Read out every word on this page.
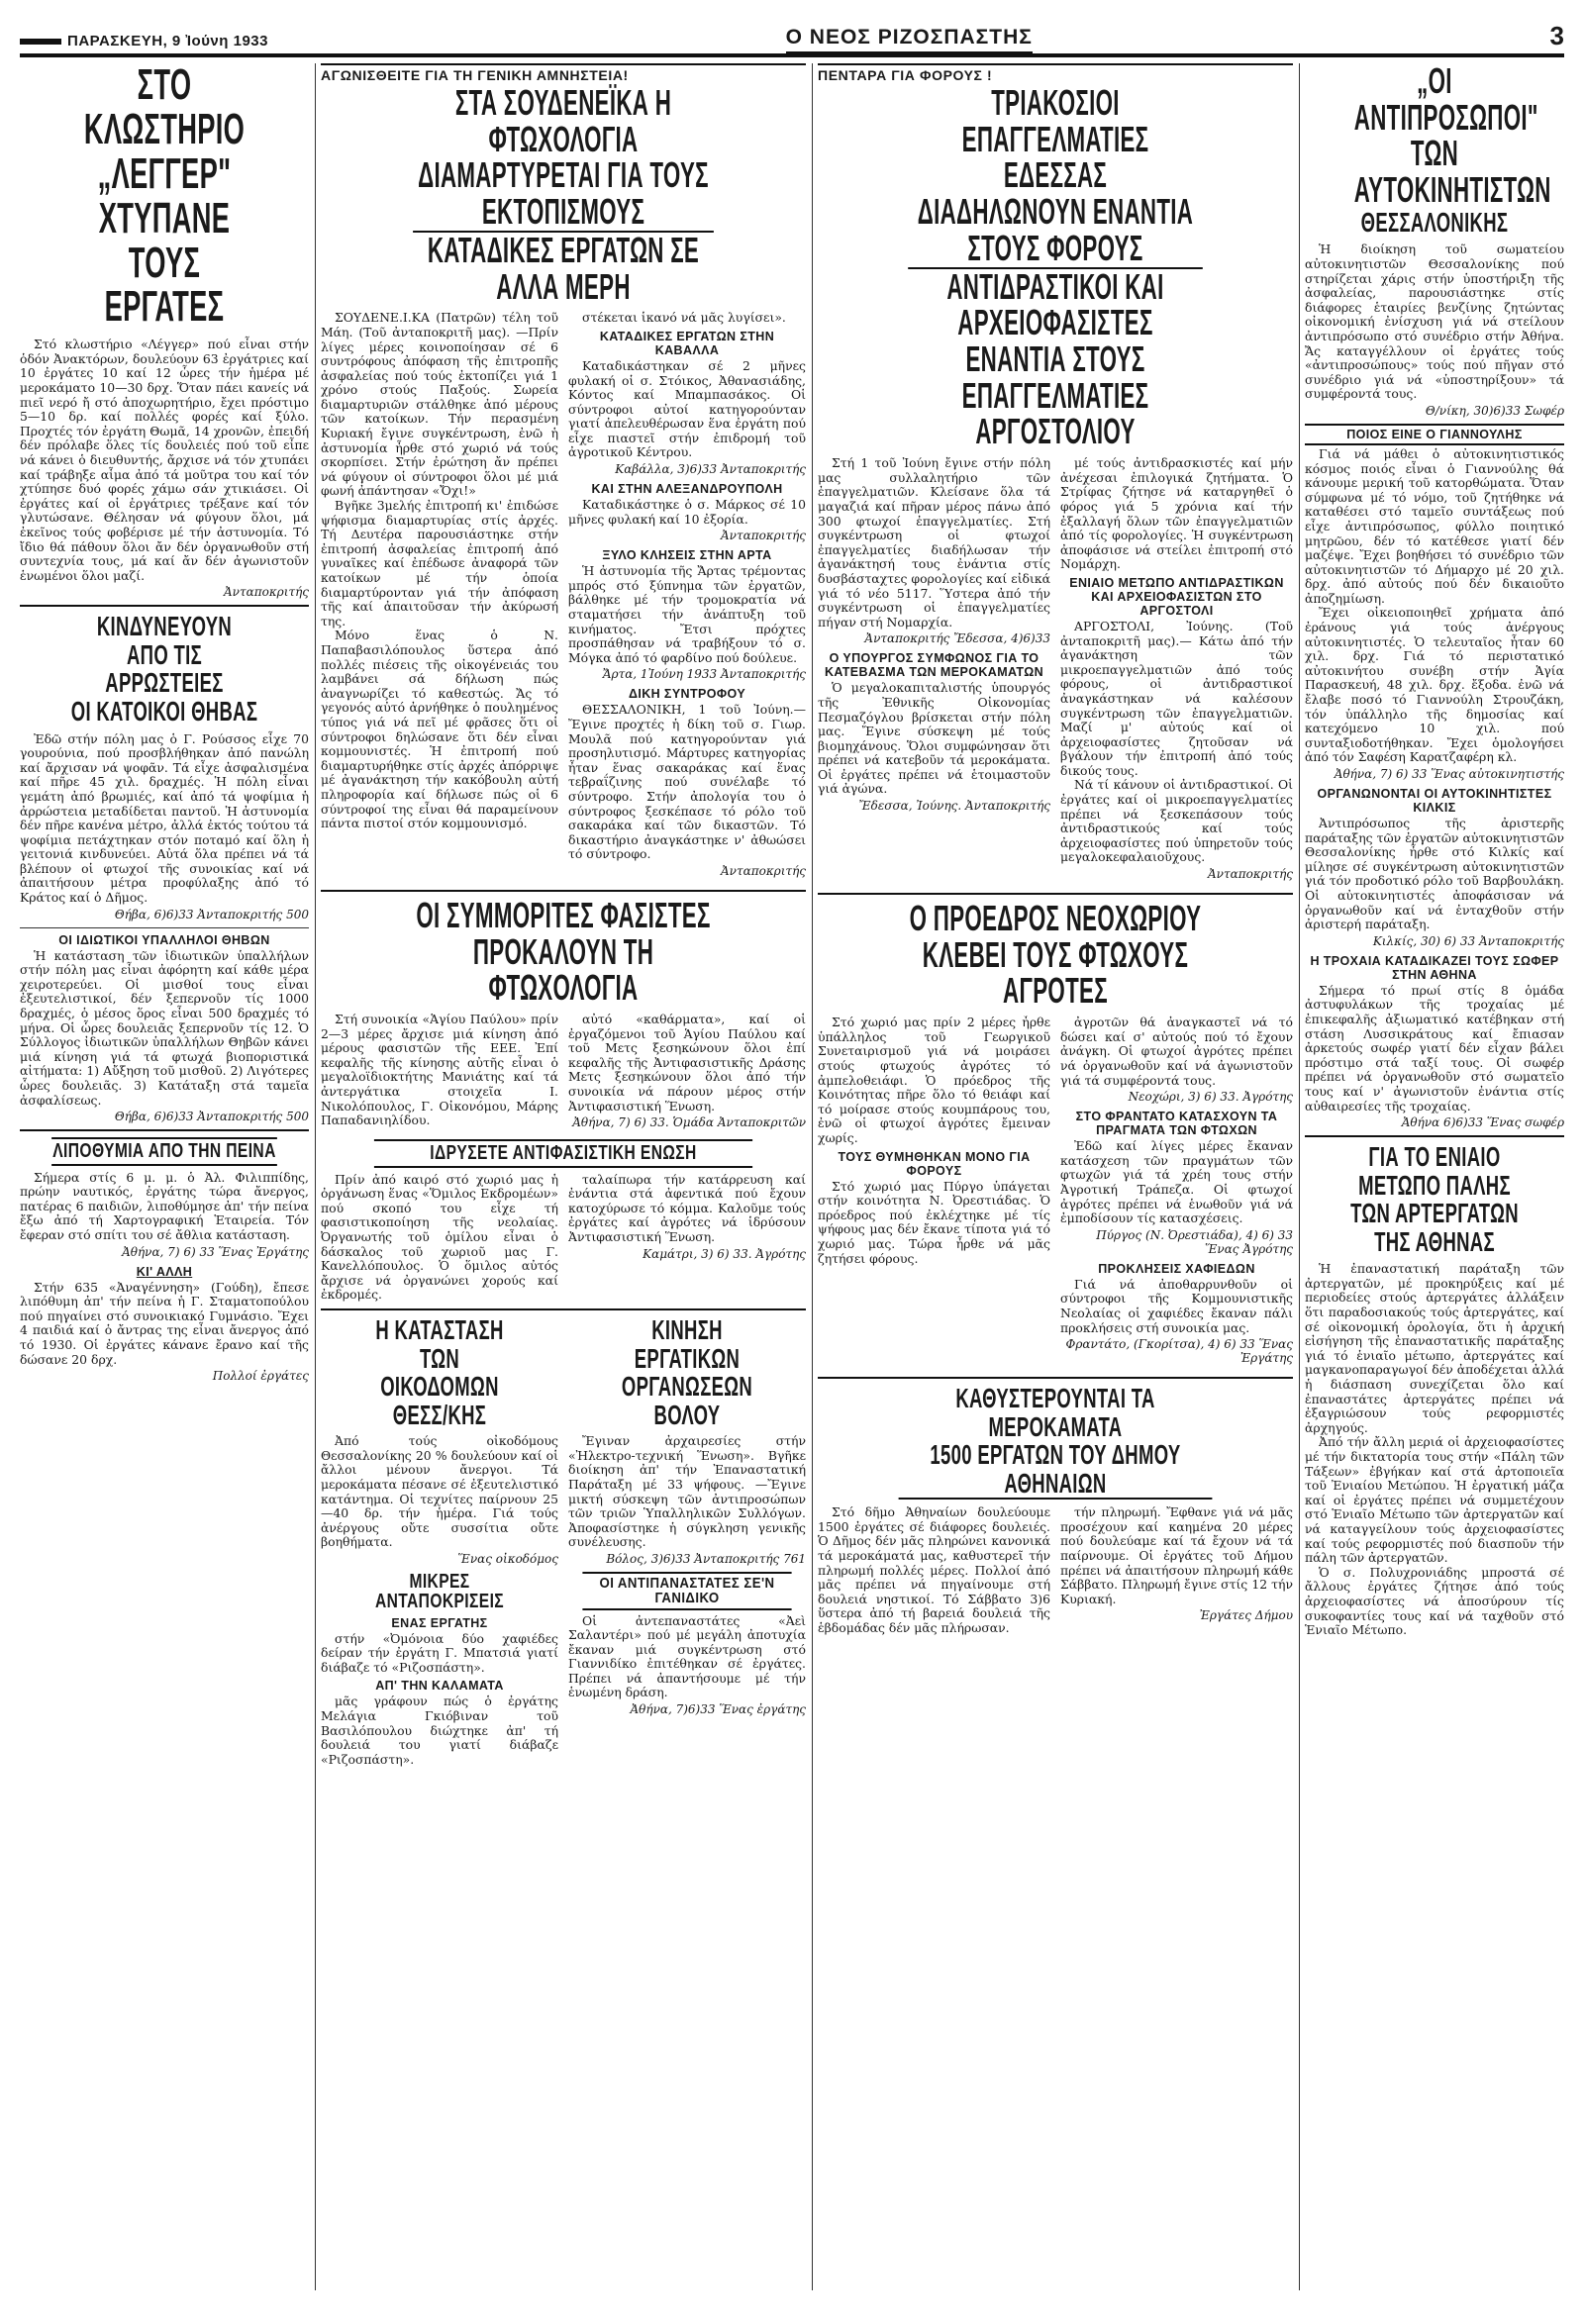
ΠΑΡΑΣΚΕΥΗ, 9 Ἰούνη 1933	Ο ΝΕΟΣ ΡΙΖΟΣΠΑΣΤΗΣ	3
ΣΤΟ ΚΛΩΣΤΗΡΙΟ
„ΛΕΓΓΕΡ" ΧΤΥΠΑΝΕ
ΤΟΥΣ ΕΡΓΑΤΕΣ

Στό κλωστήριο «Λέγγερ» πού εἶναι στήν ὁδόν Ἀνακτόρων, δουλεύουν 63 ἐργάτριες καί 10 ἐργάτες 10 καί 12 ὧρες τήν ἡμέρα μέ μεροκάματο 10—30 δρχ. Ὅταν πάει κανείς νά πιεῖ νερό ἤ στό ἀποχωρητήριο, ἔχει πρόστιμο 5—10 δρ. καί πολλές φορές καί ξύλο. Προχτές τόν ἐργάτη Θωμᾶ, 14 χρονῶν, ἐπειδή δέν πρόλαβε ὅλες τίς δουλειές πού τοῦ εἶπε νά κάνει ὁ διευθυντής, ἄρχισε νά τόν χτυπάει καί τράβηξε αἷμα ἀπό τά μοῦτρα του καί τόν χτύπησε δυό φορές χάμω σάν χτικιάσει. Οἱ ἐργάτες καί οἱ ἐργάτριες τρέξανε καί τόν γλυτώσανε. Θέλησαν νά φύγουν ὅλοι, μά ἐκεῖνος τούς φοβέρισε μέ τήν ἀστυνομία. Τό ἴδιο θά πάθουν ὅλοι ἄν δέν ὀργανωθοῦν στή συντεχνία τους, μά καί ἄν δέν ἀγωνιστοῦν ἑνωμένοι ὅλοι μαζί.

Ἀνταποκριτής
ΚΙΝΔΥΝΕΥΟΥΝ
ΑΠΟ ΤΙΣ ΑΡΡΩΣΤΕΙΕΣ
ΟΙ ΚΑΤΟΙΚΟΙ ΘΗΒΑΣ

Ἐδῶ στήν πόλη μας ὁ Γ. Ρούσσος εἶχε 70 γουρούνια, πού προσβλήθηκαν ἀπό πανώλη καί ἄρχισαν νά ψοφᾶν. Τά εἶχε ἀσφαλισμένα καί πῆρε 45 χιλ. δραχμές. Ἡ πόλη εἶναι γεμάτη ἀπό βρωμιές, καί ἀπό τά ψοφίμια ἡ ἀρρώστεια μεταδίδεται παντοῦ. Ἡ ἀστυνομία δέν πῆρε κανένα μέτρο, ἀλλά ἐκτός τούτου τά ψοφίμια πετάχτηκαν στόν ποταμό καί ὅλη ἡ γειτονιά κινδυνεύει. Αὐτά ὅλα πρέπει νά τά βλέπουν οἱ φτωχοί τῆς συνοικίας καί νά ἀπαιτήσουν μέτρα προφύλαξης ἀπό τό Κράτος καί ὁ Δῆμος.

Θήβα, 6)6)33 Ἀνταποκριτής 500
ΟΙ ΙΔΙΩΤΙΚΟΙ ΥΠΑΛΛΗΛΟΙ ΘΗΒΩΝ

Ἡ κατάσταση τῶν ἰδιωτικῶν ὑπαλλήλων στήν πόλη μας εἶναι ἀφόρητη καί κάθε μέρα χειροτερεύει. Οἱ μισθοί τους εἶναι ἐξευτελιστικοί, δέν ξεπερνοῦν τίς 1000 δραχμές, ὁ μέσος ὅρος εἶναι 500 δραχμές τό μήνα. Οἱ ὧρες δουλειᾶς ξεπερνοῦν τίς 12. Ὁ Σύλλογος ἰδιωτικῶν ὑπαλλήλων Θηβῶν κάνει μιά κίνηση γιά τά φτωχά βιοποριστικά αἰτήματα: 1) Αὔξηση τοῦ μισθοῦ. 2) Λιγότερες ὧρες δουλειᾶς. 3) Κατάταξη στά ταμεῖα ἀσφαλίσεως.

Θήβα, 6)6)33 Ἀνταποκριτής 500
ΛΙΠΟΘΥΜΙΑ ΑΠΟ ΤΗΝ ΠΕΙΝΑ

Σήμερα στίς 6 μ. μ. ὁ Ἀλ. Φιλιππίδης, πρώην ναυτικός, ἐργάτης τώρα ἄνεργος, πατέρας 6 παιδιῶν, λιποθύμησε ἀπ' τήν πείνα ἔξω ἀπό τή Χαρτογραφική Ἑταιρεία. Τόν ἔφεραν στό σπίτι του σέ ἄθλια κατάσταση.

Ἀθήνα, 7) 6) 33 Ἕνας Ἐργάτης
ΚΙ' ΑΛΛΗ

Στήν 635 «Ἀναγέννηση» (Γούδη), ἔπεσε λιπόθυμη ἀπ' τήν πείνα ἡ Γ. Σταματοπούλου πού πηγαίνει στό συνοικιακό Γυμνάσιο. Ἔχει 4 παιδιά καί ὁ ἄντρας της εἶναι ἄνεργος ἀπό τό 1930. Οἱ ἐργάτες κάνανε ἔρανο καί τῆς δώσανε 20 δρχ.

Πολλοί ἐργάτες
ΑΓΩΝΙΣΘΕΙΤΕ ΓΙΑ ΤΗ ΓΕΝΙΚΗ ΑΜΝΗΣΤΕΙΑ!
ΣΤΑ ΣΟΥΔΕΝΕΪΚΑ Η ΦΤΩΧΟΛΟΓΙΑ
ΔΙΑΜΑΡΤΥΡΕΤΑΙ ΓΙΑ ΤΟΥΣ ΕΚΤΟΠΙΣΜΟΥΣ
ΚΑΤΑΔΙΚΕΣ ΕΡΓΑΤΩΝ ΣΕ ΑΛΛΑ ΜΕΡΗ

ΣΟΥΔΕΝΕ.Ι.ΚΑ (Πατρῶν) τέλη τοῦ Μάη. (Τοῦ ἀνταποκριτῆ μας). —Πρίν λίγες μέρες κοινοποίησαν σέ 6 συντρόφους ἀπόφαση τῆς ἐπιτροπῆς ἀσφαλείας πού τούς ἐκτοπίζει γιά 1 χρόνο στούς Παξούς. Σωρεία διαμαρτυριῶν στάλθηκε ἀπό μέρους τῶν κατοίκων. Τήν περασμένη Κυριακή ἔγινε συγκέντρωση, ἐνῶ ἡ ἀστυνομία ἦρθε στό χωριό νά τούς σκορπίσει. Στήν ἐρώτηση ἄν πρέπει νά φύγουν οἱ σύντροφοι ὅλοι μέ μιά φωνή ἀπάντησαν «Ὄχι!»

Βγῆκε 3μελής ἐπιτροπή κι' ἐπιδώσε ψήφισμα διαμαρτυρίας στίς ἀρχές. Τή Δευτέρα παρουσιάστηκε στήν ἐπιτροπή ἀσφαλείας ἐπιτροπή ἀπό γυναῖκες καί ἐπέδωσε ἀναφορά τῶν κατοίκων μέ τήν ὁποία διαμαρτύρονταν γιά τήν ἀπόφαση τῆς καί ἀπαιτοῦσαν τήν ἀκύρωσή της.

Μόνο ἕνας ὁ Ν. Παπαβασιλόπουλος ὕστερα ἀπό πολλές πιέσεις τῆς οἰκογένειάς του λαμβάνει σά δήλωση πώς ἀναγνωρίζει τό καθεστώς. Ἄς τό γεγονός αὐτό ἀρνήθηκε ὁ πουλημένος τύπος γιά νά πεῖ μέ φρᾶσες ὅτι οἱ σύντροφοι δηλώσανε ὅτι δέν εἶναι κομμουνιστές. Ἡ ἐπιτροπή πού διαμαρτυρήθηκε στίς ἀρχές ἀπόρριψε μέ ἀγανάκτηση τήν κακόβουλη αὐτή πληροφορία καί δήλωσε πώς οἱ 6 σύντροφοί της εἶναι θά παραμείνουν πάντα πιστοί στόν κομμουνισμό.

στέκεται ἱκανό νά μᾶς λυγίσει».

ΚΑΤΑΔΙΚΕΣ ΕΡΓΑΤΩΝ ΣΤΗΝ ΚΑΒΑΛΛΑ

Καταδικάστηκαν σέ 2 μῆνες φυλακή οἱ σ. Στόικος, Ἀθανασιάδης, Κόντος καί Μπαμπασάκος. Οἱ σύντροφοι αὐτοί κατηγορούνταν γιατί ἀπελευθέρωσαν ἕνα ἐργάτη πού εἶχε πιαστεῖ στήν ἐπιδρομή τοῦ ἀγροτικοῦ Κέντρου.

Καβάλλα, 3)6)33 Ἀνταποκριτής
ΚΑΙ ΣΤΗΝ ΑΛΕΞΑΝΔΡΟΥΠΟΛΗ

Καταδικάστηκε ὁ σ. Μάρκος σέ 10 μῆνες φυλακή καί 10 ἐξορία.

Ἀνταποκριτής
ΞΥΛΟ ΚΛΗΣΕΙΣ ΣΤΗΝ ΑΡΤΑ

Ἡ ἀστυνομία τῆς Ἄρτας τρέμοντας μπρός στό ξύπνημα τῶν ἐργατῶν, βάλθηκε μέ τήν τρομοκρατία νά σταματήσει τήν ἀνάπτυξη τοῦ κινήματος. Ἔτσι πρόχτες προσπάθησαν νά τραβήξουν τό σ. Μόγκα ἀπό τό φαρδίνο πού δούλευε.

Ἄρτα, 1Ἰούνη 1933 Ἀνταποκριτής
ΔΙΚΗ ΣΥΝΤΡΟΦΟΥ

ΘΕΣΣΑΛΟΝΙΚΗ, 1 τοῦ Ἰούνη.— Ἔγινε προχτές ἡ δίκη τοῦ σ. Γιωρ. Μουλᾶ πού κατηγορούνταν γιά προσηλυτισμό. Μάρτυρες κατηγορίας ἦταν ἕνας σακαράκας καί ἕνας τεβραΐζινης πού συνέλαβε τό σύντροφο. Στήν ἀπολογία του ὁ σύντροφος ξεσκέπασε τό ρόλο τοῦ σακαράκα καί τῶν δικαστῶν. Τό δικαστήριο ἀναγκάστηκε ν' ἀθωώσει τό σύντροφο.

Ἀνταποκριτής
ΟΙ ΣΥΜΜΟΡΙΤΕΣ ΦΑΣΙΣΤΕΣ
ΠΡΟΚΑΛΟΥΝ ΤΗ ΦΤΩΧΟΛΟΓΙΑ

Στή συνοικία «Ἁγίου Παύλου» πρίν 2—3 μέρες ἄρχισε μιά κίνηση ἀπό μέρους φασιστῶν τῆς ΕΕΕ. Ἐπί κεφαλῆς τῆς κίνησης αὐτῆς εἶναι ὁ μεγαλοϊδιοκτήτης Μανιάτης καί τά ἀντεργάτικα στοιχεῖα Ι. Νικολόπουλος, Γ. Οἰκονόμου, Μάρης Παπαδανιηλίδου.

αὐτό «καθάρματα», καί οἱ ἐργαζόμενοι τοῦ Ἁγίου Παύλου καί τοῦ Μετς ξεσηκώνουν ὅλοι ἐπί κεφαλῆς τῆς Ἀντιφασιστικῆς Δράσης Μετς ξεσηκώνουν ὅλοι ἀπό τήν συνοικία νά πάρουν μέρος στήν Ἀντιφασιστική Ἕνωση.

Ἀθήνα, 7) 6) 33. Ὁμάδα Ἀνταποκριτῶν
ΙΔΡΥΣΕΤΕ ΑΝΤΙΦΑΣΙΣΤΙΚΗ ΕΝΩΣΗ

Πρίν ἀπό καιρό στό χωριό μας ἡ ὀργάνωση ἕνας «Ὅμιλος Εκδρομέων» πού σκοπό του εἶχε τή φασιστικοποίηση τῆς νεολαίας. Ὀργανωτής τοῦ ὁμίλου εἶναι ὁ δάσκαλος τοῦ χωριοῦ μας Γ. Κανελλόπουλος. Ὁ ὅμιλος αὐτός ἄρχισε νά ὀργανώνει χορούς καί ἐκδρομές.

ταλαίπωρα τήν κατάρρευση καί ἐνάντια στά ἀφεντικά πού ἔχουν κατοχύρωσε τό κόμμα. Καλοῦμε τούς ἐργάτες καί ἀγρότες νά ἱδρύσουν Ἀντιφασιστική Ἕνωση.

Καμάτρι, 3) 6) 33. Ἀγρότης
Η ΚΑΤΑΣΤΑΣΗ ΤΩΝ ΟΙΚΟΔΟΜΩΝ ΘΕΣΣ/ΚΗΣ

Ἀπό τούς οἰκοδόμους Θεσσαλονίκης 20 % δουλεύουν καί οἱ ἄλλοι μένουν ἄνεργοι. Τά μεροκάματα πέσανε σέ ἐξευτελιστικό κατάντημα. Οἱ τεχνίτες παίρνουν 25—40 δρ. τήν ἡμέρα. Γιά τούς ἀνέργους οὔτε συσσίτια οὔτε βοηθήματα.

Ἕνας οἰκοδόμος
ΜΙΚΡΕΣ ΑΝΤΑΠΟΚΡΙΣΕΙΣ
ΕΝΑΣ ΕΡΓΑΤΗΣ

στήν «Ὀμόνοια δύο χαφιέδες δείραν τήν ἐργάτη Γ. Μπατσιά γιατί διάβαζε τό «Ριζοσπάστη».

ΑΠ' ΤΗΝ ΚΑΛΑΜΑΤΑ

μᾶς γράφουν πώς ὁ ἐργάτης Μελάγια Γκιόβιναν τοῦ Βασιλόπουλου διώχτηκε ἀπ' τή δουλειά του γιατί διάβαζε «Ριζοσπάστη».

ΚΙΝΗΣΗ ΕΡΓΑΤΙΚΩΝ ΟΡΓΑΝΩΣΕΩΝ ΒΟΛΟΥ

Ἔγιναν ἀρχαιρεσίες στήν «Ἠλεκτρο-τεχνική Ἕνωση». Βγῆκε διοίκηση ἀπ' τήν Ἐπαναστατική Παράταξη μέ 33 ψήφους. —Ἔγινε μικτή σύσκεψη τῶν ἀντιπροσώπων τῶν τριῶν Ὑπαλληλικῶν Συλλόγων. Ἀποφασίστηκε ἡ σύγκληση γενικῆς συνέλευσης.

Βόλος, 3)6)33 Ἀνταποκριτής 761
ΟΙ ΑΝΤΙΠΑΝΑΣΤΑΤΕΣ ΣΕ'Ν ΓΑΝΙΔΙΚΟ

Οἱ ἀντεπαναστάτες «Ἀεὶ Σαλαντέρι» πού μέ μεγάλη ἀποτυχία ἔκαναν μιά συγκέντρωση στό Γιαννιδίκο ἐπιτέθηκαν σέ ἐργάτες. Πρέπει νά ἀπαντήσουμε μέ τήν ἑνωμένη δράση.

Ἀθήνα, 7)6)33 Ἕνας ἐργάτης
ΠΕΝΤΑΡΑ ΓΙΑ ΦΟΡΟΥΣ !
ΤΡΙΑΚΟΣΙΟΙ ΕΠΑΓΓΕΛΜΑΤΙΕΣ ΕΔΕΣΣΑΣ
ΔΙΑΔΗΛΩΝΟΥΝ ΕΝΑΝΤΙΑ ΣΤΟΥΣ ΦΟΡΟΥΣ
ΑΝΤΙΔΡΑΣΤΙΚΟΙ ΚΑΙ ΑΡΧΕΙΟΦΑΣΙΣΤΕΣ
ΕΝΑΝΤΙΑ ΣΤΟΥΣ ΕΠΑΓΓΕΛΜΑΤΙΕΣ ΑΡΓΟΣΤΟΛΙΟΥ

Στή 1 τοῦ Ἰούνη ἔγινε στήν πόλη μας συλλαλητήριο τῶν ἐπαγγελματιῶν. Κλείσανε ὅλα τά μαγαζιά καί πῆραν μέρος πάνω ἀπό 300 φτωχοί ἐπαγγελματίες. Στή συγκέντρωση οἱ φτωχοί ἐπαγγελματίες διαδήλωσαν τήν ἀγανάκτησή τους ἐνάντια στίς δυσβάσταχτες φορολογίες καί εἰδικά γιά τό νέο 5117. Ὕστερα ἀπό τήν συγκέντρωση οἱ ἐπαγγελματίες πήγαν στή Νομαρχία.

Ἀνταποκριτής Ἔδεσσα, 4)6)33
Ο ΥΠΟΥΡΓΟΣ ΣΥΜΦΩΝΟΣ ΓΙΑ ΤΟ ΚΑΤΕΒΑΣΜΑ ΤΩΝ ΜΕΡΟΚΑΜΑΤΩΝ

Ὁ μεγαλοκαπιταλιστής ὑπουργός τῆς Ἐθνικῆς Οἰκονομίας Πεσμαζόγλου βρίσκεται στήν πόλη μας. Ἔγινε σύσκεψη μέ τούς βιομηχάνους. Ὅλοι συμφώνησαν ὅτι πρέπει νά κατεβοῦν τά μεροκάματα. Οἱ ἐργάτες πρέπει νά ἑτοιμαστοῦν γιά ἀγώνα.

Ἔδεσσα, Ἰούνης. Ἀνταποκριτής

μέ τούς ἀντιδρασκιστές καί μήν ἀνέχεσαι ἐπιλογικά ζητήματα. Ὁ Στρίφας ζήτησε νά καταργηθεῖ ὁ φόρος γιά 5 χρόνια καί τήν ἐξαλλαγή ὅλων τῶν ἐπαγγελματιῶν ἀπό τίς φορολογίες. Ἡ συγκέντρωση ἀποφάσισε νά στείλει ἐπιτροπή στό Νομάρχη.

ΕΝΙΑΙΟ ΜΕΤΩΠΟ ΑΝΤΙΔΡΑΣΤΙΚΩΝ ΚΑΙ ΑΡΧΕΙΟΦΑΣΙΣΤΩΝ ΣΤΟ ΑΡΓΟΣΤΟΛΙ

ΑΡΓΟΣΤΟΛΙ, Ἰούνης. (Τοῦ ἀνταποκριτῆ μας).— Κάτω ἀπό τήν ἀγανάκτηση τῶν μικροεπαγγελματιῶν ἀπό τούς φόρους, οἱ ἀντιδραστικοί ἀναγκάστηκαν νά καλέσουν συγκέντρωση τῶν ἐπαγγελματιῶν. Μαζί μ' αὐτούς καί οἱ ἀρχειοφασίστες ζητοῦσαν νά βγάλουν τήν ἐπιτροπή ἀπό τούς δικούς τους.

Νά τί κάνουν οἱ ἀντιδραστικοί. Οἱ ἐργάτες καί οἱ μικροεπαγγελματίες πρέπει νά ξεσκεπάσουν τούς ἀντιδραστικούς καί τούς ἀρχειοφασίστες πού ὑπηρετοῦν τούς μεγαλοκεφαλαιοῦχους.

Ἀνταποκριτής
Ο ΠΡΟΕΔΡΟΣ ΝΕΟΧΩΡΙΟΥ
ΚΛΕΒΕΙ ΤΟΥΣ ΦΤΩΧΟΥΣ ΑΓΡΟΤΕΣ

Στό χωριό μας πρίν 2 μέρες ἦρθε ὑπάλληλος τοῦ Γεωργικοῦ Συνεταιρισμοῦ γιά νά μοιράσει στούς φτωχούς ἀγρότες τό ἀμπελοθειάφι. Ὁ πρόεδρος τῆς Κοινότητας πῆρε ὅλο τό θειάφι καί τό μοίρασε στούς κουμπάρους του, ἐνῶ οἱ φτωχοί ἀγρότες ἔμειναν χωρίς.

ΤΟΥΣ ΘΥΜΗΘΗΚΑΝ ΜΟΝΟ ΓΙΑ ΦΟΡΟΥΣ

Στό χωριό μας Πύργο ὑπάγεται στήν κοινότητα Ν. Ὀρεστιάδας. Ὁ πρόεδρος πού ἐκλέχτηκε μέ τίς ψήφους μας δέν ἔκανε τίποτα γιά τό χωριό μας. Τώρα ἦρθε νά μᾶς ζητήσει φόρους.

ἀγροτῶν θά ἀναγκαστεῖ νά τό δώσει καί σ' αὐτούς πού τό ἔχουν ἀνάγκη. Οἱ φτωχοί ἀγρότες πρέπει νά ὀργανωθοῦν καί νά ἀγωνιστοῦν γιά τά συμφέροντά τους.

Νεοχώρι, 3) 6) 33. Ἀγρότης
ΣΤΟ ΦΡΑΝΤΑΤΟ ΚΑΤΑΣΧΟΥΝ ΤΑ ΠΡΑΓΜΑΤΑ ΤΩΝ ΦΤΩΧΩΝ

Ἐδῶ καί λίγες μέρες ἔκαναν κατάσχεση τῶν πραγμάτων τῶν φτωχῶν γιά τά χρέη τους στήν Ἀγροτική Τράπεζα. Οἱ φτωχοί ἀγρότες πρέπει νά ἑνωθοῦν γιά νά ἐμποδίσουν τίς κατασχέσεις.

Πύργος (Ν. Ὀρεστιάδα), 4) 6) 33 Ἕνας Ἀγρότης
ΠΡΟΚΛΗΣΕΙΣ ΧΑΦΙΕΔΩΝ

Γιά νά ἀποθαρρυνθοῦν οἱ σύντροφοι τῆς Κομμουνιστικῆς Νεολαίας οἱ χαφιέδες ἔκαναν πάλι προκλήσεις στή συνοικία μας.

Φραντάτο, (Γκορίτσα), 4) 6) 33 Ἕνας Ἐργάτης
ΚΑΘΥΣΤΕΡΟΥΝΤΑΙ ΤΑ ΜΕΡΟΚΑΜΑΤΑ
1500 ΕΡΓΑΤΩΝ ΤΟΥ ΔΗΜΟΥ ΑΘΗΝΑΙΩΝ

Στό δῆμο Ἀθηναίων δουλεύουμε 1500 ἐργάτες σέ διάφορες δουλειές. Ὁ Δῆμος δέν μᾶς πληρώνει κανονικά τά μεροκάματά μας, καθυστερεῖ τήν πληρωμή πολλές μέρες. Πολλοί ἀπό μᾶς πρέπει νά πηγαίνουμε στή δουλειά νηστικοί. Τό Σάββατο 3)6 ὕστερα ἀπό τή βαρειά δουλειά τῆς ἑβδομάδας δέν μᾶς πλήρωσαν.

τήν πληρωμή. Ἔφθανε γιά νά μᾶς προσέχουν καί καημένα 20 μέρες πού δουλεύαμε καί τά ἔχουν νά τά παίρνουμε. Οἱ ἐργάτες τοῦ Δήμου πρέπει νά ἀπαιτήσουν πληρωμή κάθε Σάββατο. Πληρωμή ἔγινε στίς 12 τήν Κυριακή.

Ἐργάτες Δήμου
„ΟΙ ΑΝΤΙΠΡΟΣΩΠΟΙ"
ΤΩΝ ΑΥΤΟΚΙΝΗΤΙΣΤΩΝ
ΘΕΣΣΑΛΟΝΙΚΗΣ

Ἡ διοίκηση τοῦ σωματείου αὐτοκινητιστῶν Θεσσαλονίκης πού στηρίζεται χάρις στήν ὑποστήριξη τῆς ἀσφαλείας, παρουσιάστηκε στίς διάφορες ἑταιρίες βενζίνης ζητώντας οἰκονομική ἐνίσχυση γιά νά στείλουν ἀντιπρόσωπο στό συνέδριο στήν Ἀθήνα. Ἄς καταγγέλλουν οἱ ἐργάτες τούς «ἀντιπροσώπους» τούς πού πῆγαν στό συνέδριο γιά νά «ὑποστηρίξουν» τά συμφέροντά τους.

Θ/νίκη, 30)6)33 Σωφέρ
ΠΟΙΟΣ ΕΙΝΕ Ο ΓΙΑΝΝΟΥΛΗΣ

Γιά νά μάθει ὁ αὐτοκινητιστικός κόσμος ποιός εἶναι ὁ Γιαννούλης θά κάνουμε μερική τοῦ κατορθώματα. Ὅταν σύμφωνα μέ τό νόμο, τοῦ ζητήθηκε νά καταθέσει στό ταμεῖο συντάξεως πού εἶχε ἀντιπρόσωπος, φύλλο ποιητικό μητρῶου, δέν τό κατέθεσε γιατί δέν μαζέψε. Ἔχει βοηθήσει τό συνέδριο τῶν αὐτοκινητιστῶν τό Δήμαρχο μέ 20 χιλ. δρχ. ἀπό αὐτούς πού δέν δικαιοῦτο ἀποζημίωση.

Ἔχει οἰκειοποιηθεῖ χρήματα ἀπό ἐράνους γιά τούς ἀνέργους αὐτοκινητιστές. Ὁ τελευταῖος ἦταν 60 χιλ. δρχ. Γιά τό περιστατικό αὐτοκινήτου συνέβη στήν Ἁγία Παρασκευή, 48 χιλ. δρχ. ἔξοδα. ἐνῶ νά ἔλαβε ποσό τό Γιαννούλη Στρουζάκη, τόν ὑπάλληλο τῆς δημοσίας καί κατεχόμενο 10 χιλ. πού συνταξιοδοτήθηκαν. Ἔχει ὁμολογήσει ἀπό τόν Σαφέση Καρατζαφέρη κλ.

Ἀθήνα, 7) 6) 33 Ἕνας αὐτοκινητιστής
ΟΡΓΑΝΩΝΟΝΤΑΙ ΟΙ ΑΥΤΟΚΙΝΗΤΙΣΤΕΣ ΚΙΛΚΙΣ

Ἀντιπρόσωπος τῆς ἀριστερῆς παράταξης τῶν ἐργατῶν αὐτοκινητιστῶν Θεσσαλονίκης ἦρθε στό Κιλκίς καί μίλησε σέ συγκέντρωση αὐτοκινητιστῶν γιά τόν προδοτικό ρόλο τοῦ Βαρβουλάκη. Οἱ αὐτοκινητιστές ἀποφάσισαν νά ὀργανωθοῦν καί νά ἐνταχθοῦν στήν ἀριστερή παράταξη.

Κιλκίς, 30) 6) 33 Ἀνταποκριτής
Η ΤΡΟΧΑΙΑ ΚΑΤΑΔΙΚΑΖΕΙ ΤΟΥΣ ΣΩΦΕΡ ΣΤΗΝ ΑΘΗΝΑ

Σήμερα τό πρωί στίς 8 ὁμάδα ἀστυφυλάκων τῆς τροχαίας μέ ἐπικεφαλῆς ἀξιωματικό κατέβηκαν στή στάση Λυσσικράτους καί ἔπιασαν ἀρκετούς σωφέρ γιατί δέν εἶχαν βάλει πρόστιμο στά ταξί τους. Οἱ σωφέρ πρέπει νά ὀργανωθοῦν στό σωματεῖο τους καί ν' ἀγωνιστοῦν ἐνάντια στίς αὐθαιρεσίες τῆς τροχαίας.

Ἀθήνα 6)6)33 Ἕνας σωφέρ
ΓΙΑ ΤΟ ΕΝΙΑΙΟ ΜΕΤΩΠΟ ΠΑΛΗΣ
ΤΩΝ ΑΡΤΕΡΓΑΤΩΝ ΤΗΣ ΑΘΗΝΑΣ

Ἡ ἐπαναστατική παράταξη τῶν ἀρτεργατῶν, μέ προκηρύξεις καί μέ περιοδείες στούς ἀρτεργάτες ἀλλάξειν ὅτι παραδοσιακούς τούς ἀρτεργάτες, καί σέ οἰκονομική ὁρολογία, ὅτι ἡ ἀρχική εἰσήγηση τῆς ἐπαναστατικῆς παράταξης γιά τό ἑνιαῖο μέτωπο, ἀρτεργάτες καί μαγκανοπαραγωγοί δέν ἀποδέχεται ἀλλά ἡ διάσπαση συνεχίζεται ὅλο καί ἐπαναστάτες ἀρτεργάτες πρέπει νά ἐξαγριώσουν τούς ρεφορμιστές ἀρχηγούς.

Ἀπό τήν ἄλλη μεριά οἱ ἀρχειοφασίστες μέ τήν δικτατορία τους στήν «Πάλη τῶν Τάξεων» ἐβγήκαν καί στά ἀρτοποιεῖα τοῦ Ἐνιαίου Μετώπου. Ἡ ἐργατική μάζα καί οἱ ἐργάτες πρέπει νά συμμετέχουν στό Ἑνιαῖο Μέτωπο τῶν ἀρτεργατῶν καί νά καταγγείλουν τούς ἀρχειοφασίστες καί τούς ρεφορμιστές πού διασποῦν τήν πάλη τῶν ἀρτεργατῶν.

Ὁ σ. Πολυχρονιάδης μπροστά σέ ἄλλους ἐργάτες ζήτησε ἀπό τούς ἀρχειοφασίστες νά ἀποσύρουν τίς συκοφαντίες τους καί νά ταχθοῦν στό Ἑνιαῖο Μέτωπο.
